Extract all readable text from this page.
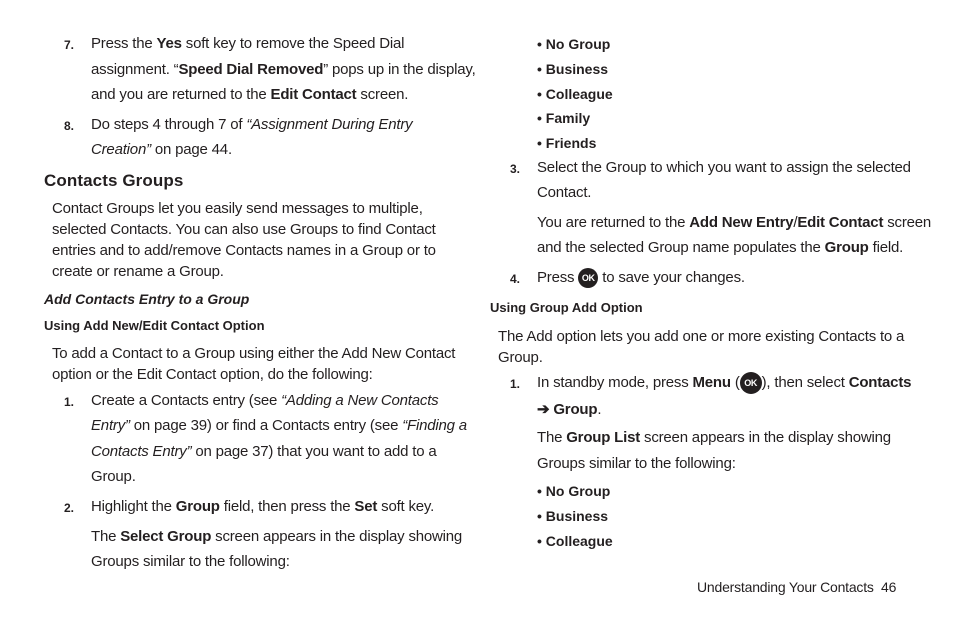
7. Press the Yes soft key to remove the Speed Dial
assignment. “Speed Dial Removed” pops up in the display,
and you are returned to the Edit Contact screen.
8. Do steps 4 through 7 of “Assignment During Entry
Creation” on page 44.
Contacts Groups
Contact Groups let you easily send messages to multiple,
selected Contacts. You can also use Groups to find Contact
entries and to add/remove Contacts names in a Group or to
create or rename a Group.
Add Contacts Entry to a Group
Using Add New/Edit Contact Option
To add a Contact to a Group using either the Add New Contact
option or the Edit Contact option, do the following:
1. Create a Contacts entry (see “Adding a New Contacts
Entry” on page 39) or find a Contacts entry (see “Finding a
Contacts Entry” on page 37) that you want to add to a
Group.
2. Highlight the Group field, then press the Set soft key.
The Select Group screen appears in the display showing
Groups similar to the following:
• No Group
• Business
• Colleague
• Family
• Friends
3. Select the Group to which you want to assign the selected
Contact.
You are returned to the Add New Entry/Edit Contact screen
and the selected Group name populates the Group field.
4. Press OK to save your changes.
Using Group Add Option
The Add option lets you add one or more existing Contacts to a
Group.
1. In standby mode, press Menu ( OK ), then select Contacts
➔ Group.
The Group List screen appears in the display showing
Groups similar to the following:
• No Group
• Business
• Colleague
Understanding Your Contacts 46
